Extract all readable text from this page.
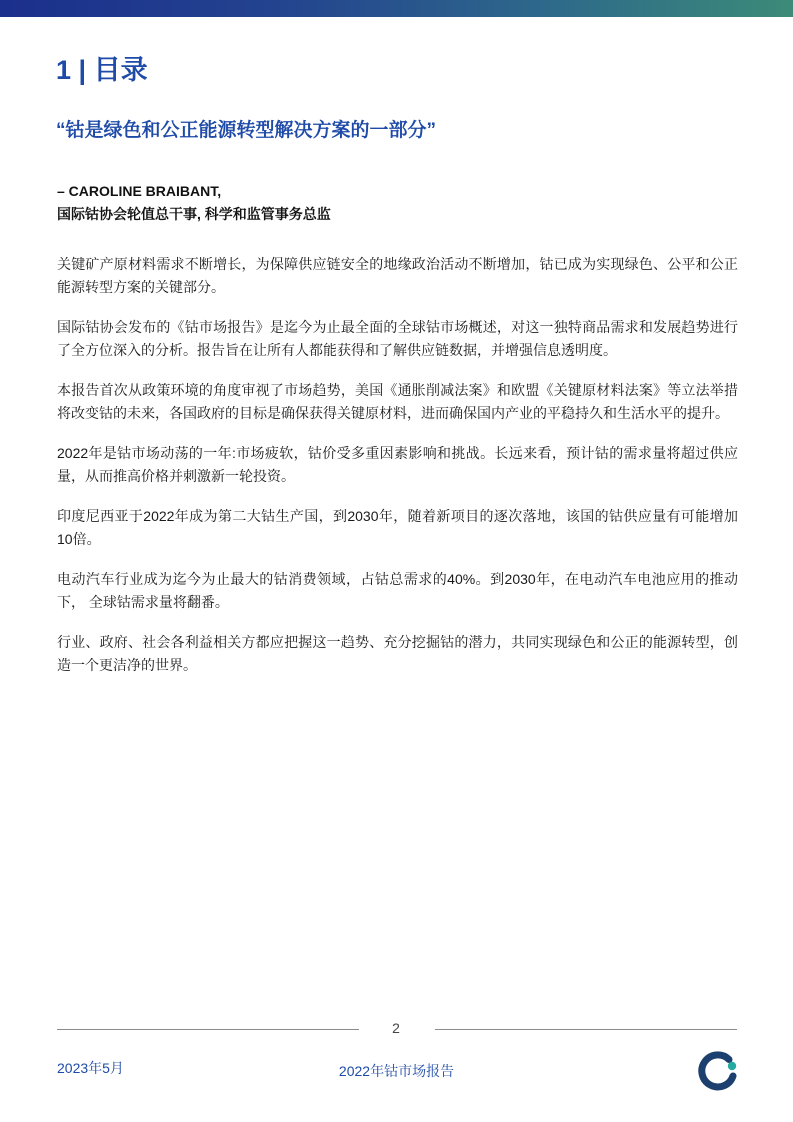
1 | 目录
“钴是绿色和公正能源转型解决方案的一部分”
– CAROLINE BRAIBANT,
国际钴协会轮值总干事, 科学和监管事务总监

关键矿产原材料需求不断增长，为保障供应链安全的地缘政治活动不断增加，钴已成为实现绿色、公平和公正 能源转型方案的关键部分。

国际钴协会发布的《钴市场报告》是迄今为止最全面的全球钴市场概述，对这一独特商品需求和发展趋势进行 了全方位深入的分析。报告旨在让所有人都能获得和了解供应链数据，并增强信息透明度。

本报告首次从政策环境的角度审视了市场趋势，美国《通胀削减法案》和欧盟《关键原材料法案》等立法举措 将改变钴的未来，各国政府的目标是确保获得关键原材料，进而确保国内产业的平稳持久和生活水平的提升。

2022年是钴市场动荡的一年:市场疲软，钴价受多重因素影响和挑战。长远来看，预计钴的需求量将超过供应 量，从而推高价格并刺激新一轮投资。

印度尼西亚于2022年成为第二大钴生产国，到2030年，随着新项目的逐次落地，该国的钴供应量有可能增加 10倍。

电动汽车行业成为迄今为止最大的钴消费领域，占钴总需求的40%。到2030年，在电动汽车电池应用的推动下， 全球钴需求量将翻番。

行业、政府、社会各利益相关方都应把握这一趋势、充分挖掘钴的潜力，共同实现绿色和公正的能源转型，创造一个更洁净的世界。

2
2023年5月	2022年钴市场报告
